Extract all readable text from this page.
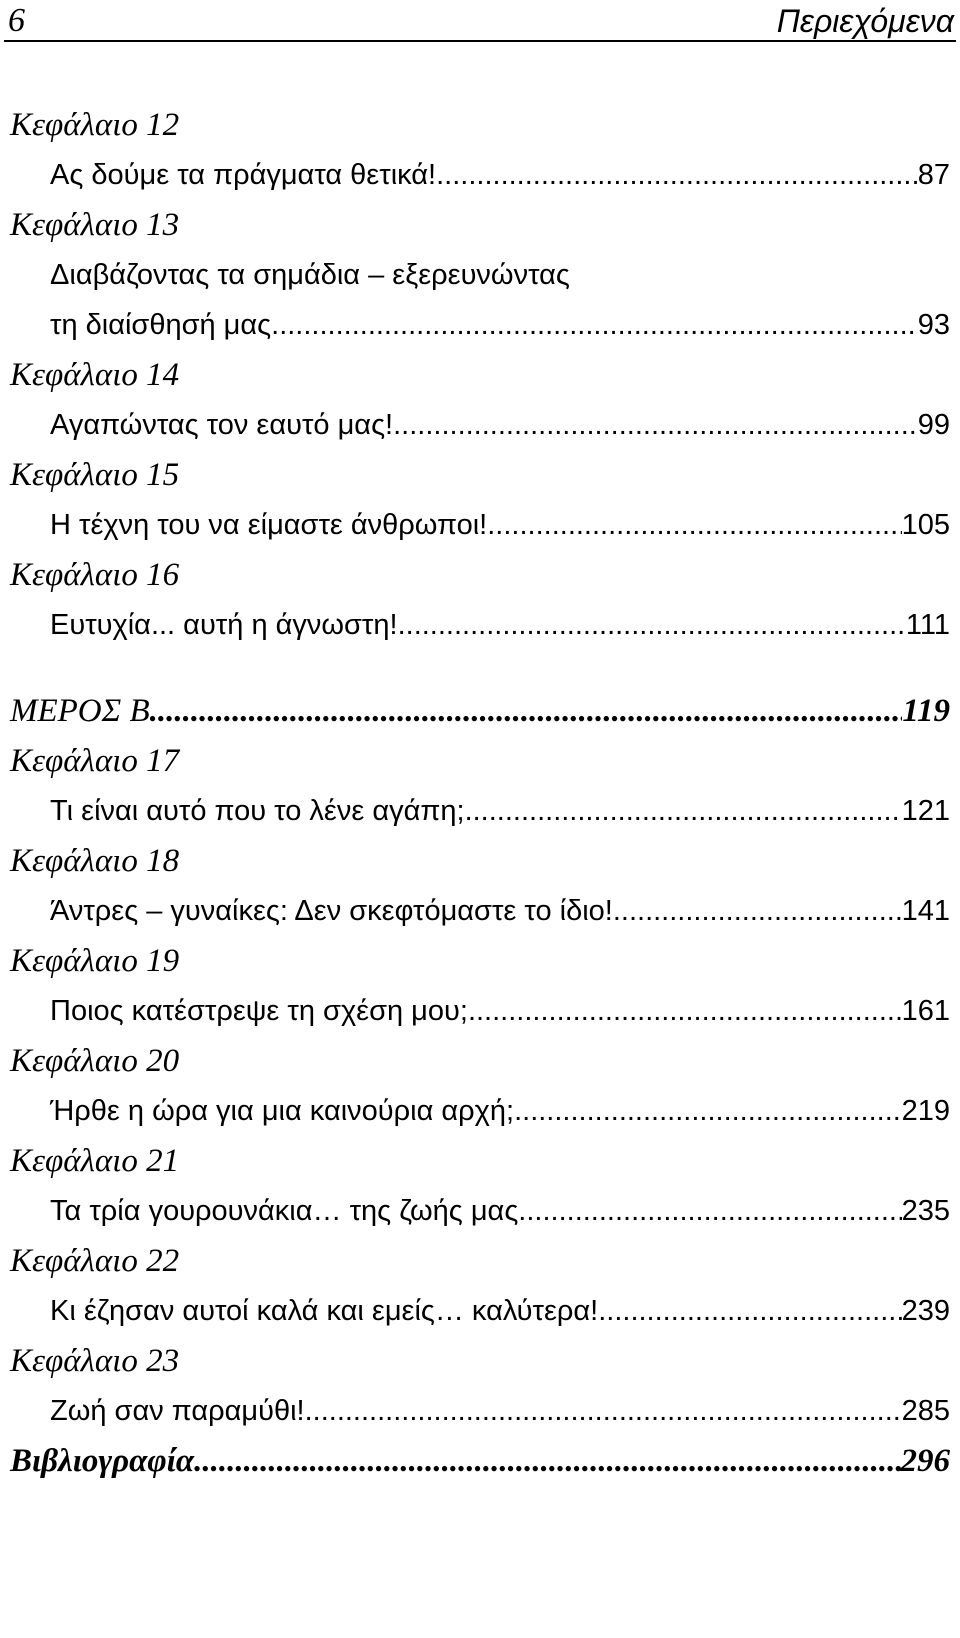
6	Περιεχόμενα
Κεφάλαιο 12
Ας δούμε τα πράγματα θετικά! .....	87
Κεφάλαιο 13
Διαβάζοντας τα σημάδια – εξερευνώντας
τη διαίσθησή μας. .....	93
Κεφάλαιο 14
Αγαπώντας τον εαυτό μας! .....	99
Κεφάλαιο 15
Η τέχνη του να είμαστε άνθρωποι! .....	105
Κεφάλαιο 16
Ευτυχία... αυτή η άγνωστη! .....	111
ΜΕΡΟΣ Β .....	119
Κεφάλαιο 17
Τι είναι αυτό που το λένε αγάπη; .....	121
Κεφάλαιο 18
Άντρες – γυναίκες: Δεν σκεφτόμαστε το ίδιο! .....	141
Κεφάλαιο 19
Ποιος κατέστρεψε τη σχέση μου; .....	161
Κεφάλαιο 20
Ήρθε η ώρα για μια καινούρια αρχή; .....	219
Κεφάλαιο 21
Τα τρία γουρουνάκια… της ζωής μας .....	235
Κεφάλαιο 22
Κι έζησαν αυτοί καλά και εμείς… καλύτερα! .....	239
Κεφάλαιο 23
Ζωή σαν παραμύθι! .....	285
Βιβλιογραφία .....	296
